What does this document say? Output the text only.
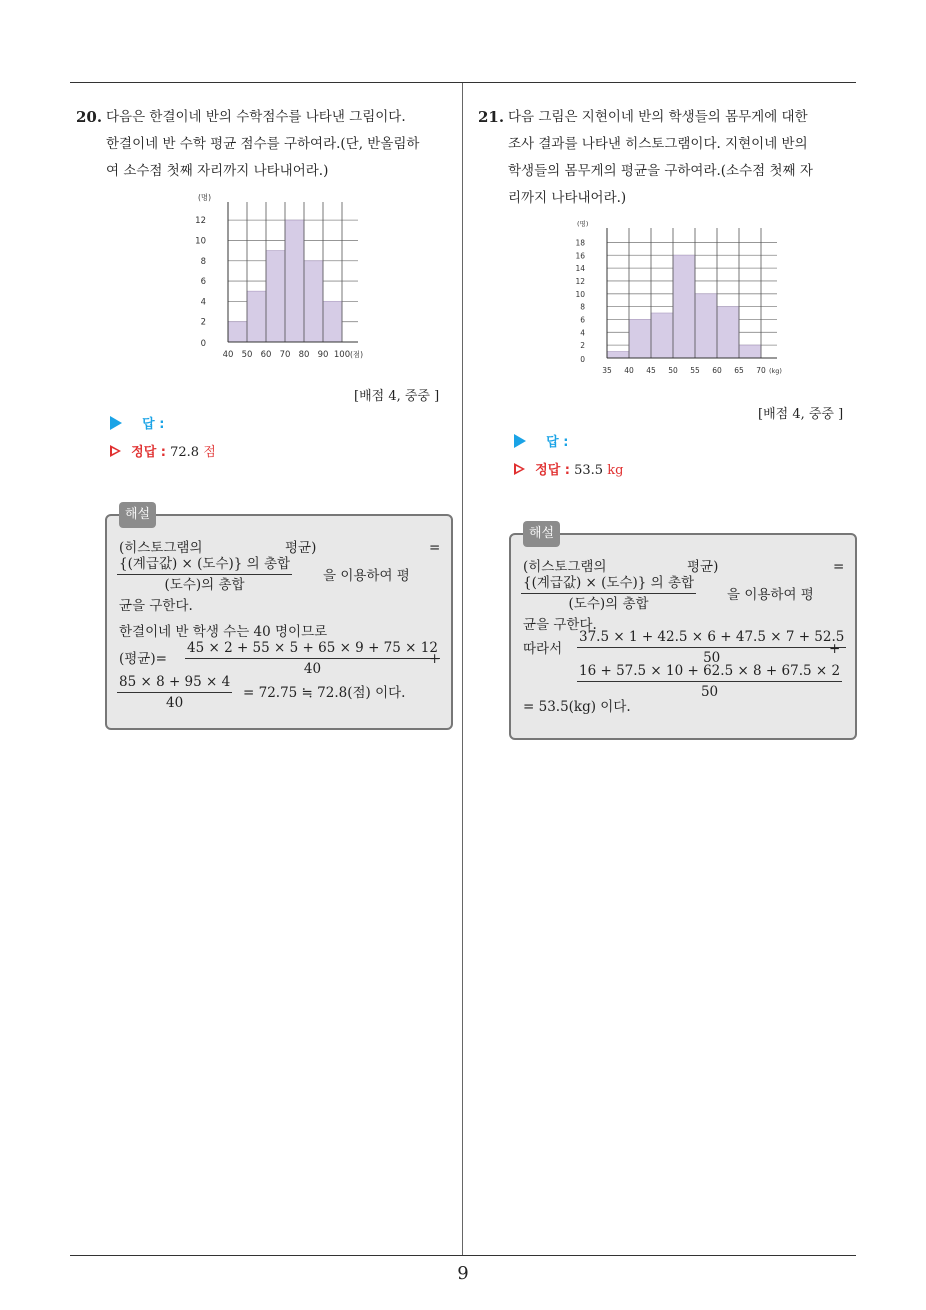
20. 다음은 한결이네 반의 수학점수를 나타낸 그림이다.
한결이네 반 수학 평균 점수를 구하여라.(단, 반올림하
여 소수점 첫째 자리까지 나타내어라.)
0
2
4
6
8
10
12
40 50 60 70 80 90 100
(명)
(점)
[배점 4, 중중 ]
답 :
정답 : 72.8 점
해설
(히스토그램의	평균)	=
$\frac{\text{\{(계급값) × (도수)\} 의 총합}}{\text{(도수)의 총합}}$ 을 이용하여 평
균을 구한다.
한결이네 반 학생 수는 40 명이므로
(평균)= $\frac{45 \times 2 + 55 \times 5 + 65 \times 9 + 75 \times 12}{40}$
+
$\frac{85 \times 8 + 95 \times 4}{40} = 72.75$ ≒ 72.8(점) 이다.
21. 다음 그림은 지현이네 반의 학생들의 몸무게에 대한
조사 결과를 나타낸 히스토그램이다. 지현이네 반의
학생들의 몸무게의 평균을 구하여라.(소수점 첫째 자
리까지 나타내어라.)
0
2
4
6
8
10
12
14
16
18
35 40 45 50 55 60 65 70
(명)
(kg)
[배점 4, 중중 ]
답 :
정답 : 53.5 kg
해설
(히스토그램의	평균)	=
$\frac{\text{\{(계급값) × (도수)\} 의 총합}}{\text{(도수)의 총합}}$ 을 이용하여 평
균을 구한다.
따라서 $\frac{37.5 \times 1 + 42.5 \times 6 + 47.5 \times 7 + 52.5}{50}$
+
$\frac{16 + 57.5 \times 10 + 62.5 \times 8 + 67.5 \times 2}{50}$
= 53.5(kg) 이다.
9
